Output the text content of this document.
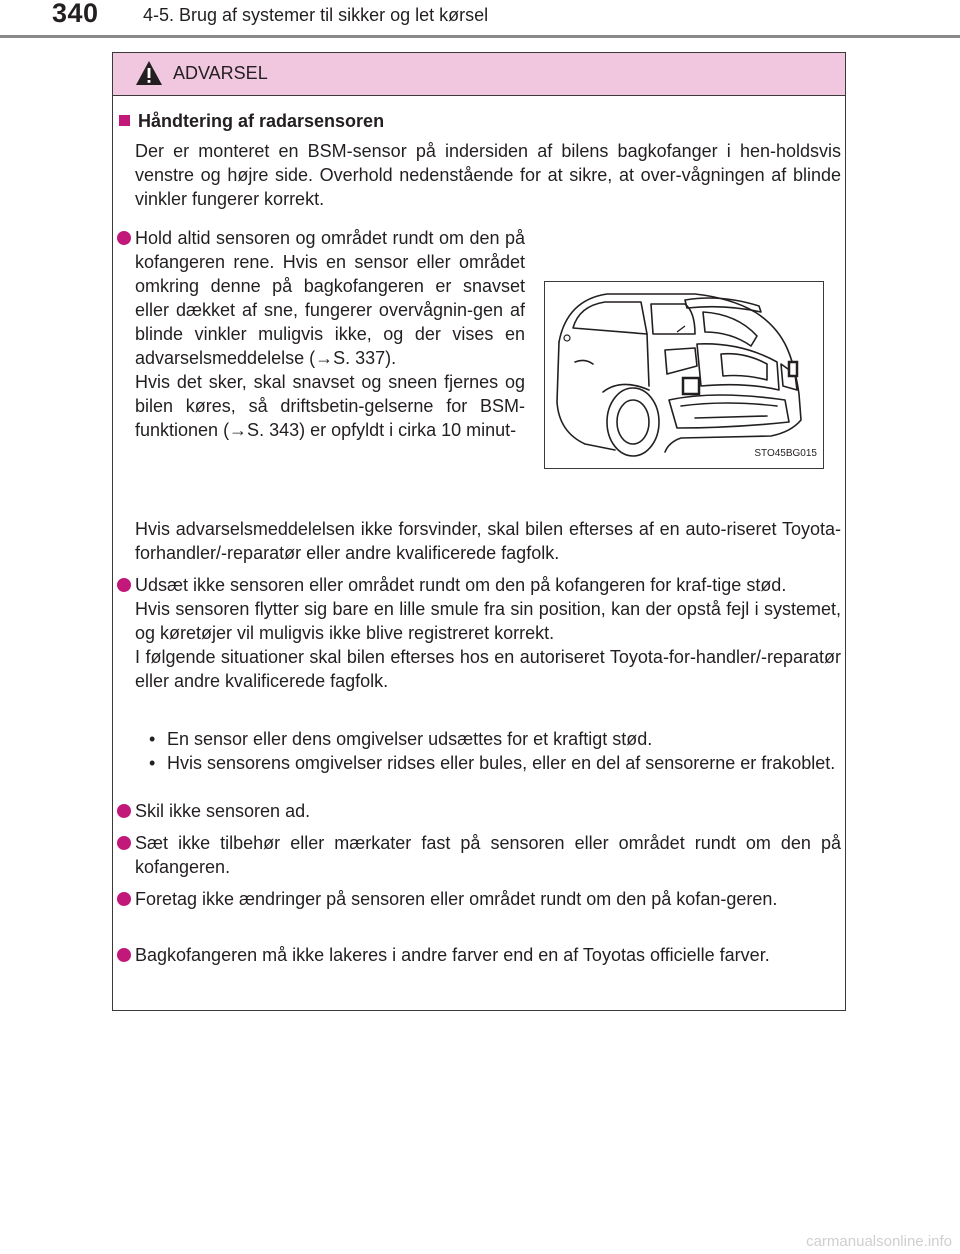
340 4-5. Brug af systemer til sikker og let kørsel
ADVARSEL
Håndtering af radarsensoren
Der er monteret en BSM-sensor på indersiden af bilens bagkofanger i hen-holdsvis venstre og højre side. Overhold nedenstående for at sikre, at over-vågningen af blinde vinkler fungerer korrekt.
Hold altid sensoren og området rundt om den på kofangeren rene. Hvis en sensor eller området omkring denne på bagkofangeren er snavset eller dækket af sne, fungerer overvågnin-gen af blinde vinkler muligvis ikke, og der vises en advarselsmeddelelse (→S. 337).
Hvis det sker, skal snavset og sneen fjernes og bilen køres, så driftsbetin-gelserne for BSM-funktionen (→S. 343) er opfyldt i cirka 10 minut-
Hvis advarselsmeddelelsen ikke forsvinder, skal bilen efterses af en auto-riseret Toyota-forhandler/-reparatør eller andre kvalificerede fagfolk.
STO45BG015
Udsæt ikke sensoren eller området rundt om den på kofangeren for kraf-tige stød.
Hvis sensoren flytter sig bare en lille smule fra sin position, kan der opstå fejl i systemet, og køretøjer vil muligvis ikke blive registreret korrekt.
I følgende situationer skal bilen efterses hos en autoriseret Toyota-for-handler/-reparatør eller andre kvalificerede fagfolk.
• En sensor eller dens omgivelser udsættes for et kraftigt stød.
• Hvis sensorens omgivelser ridses eller bules, eller en del af sensorerne er frakoblet.
Skil ikke sensoren ad.
Sæt ikke tilbehør eller mærkater fast på sensoren eller området rundt om den på kofangeren.
Foretag ikke ændringer på sensoren eller området rundt om den på kofan-geren.
Bagkofangeren må ikke lakeres i andre farver end en af Toyotas officielle farver.
carmanualsonline.info
